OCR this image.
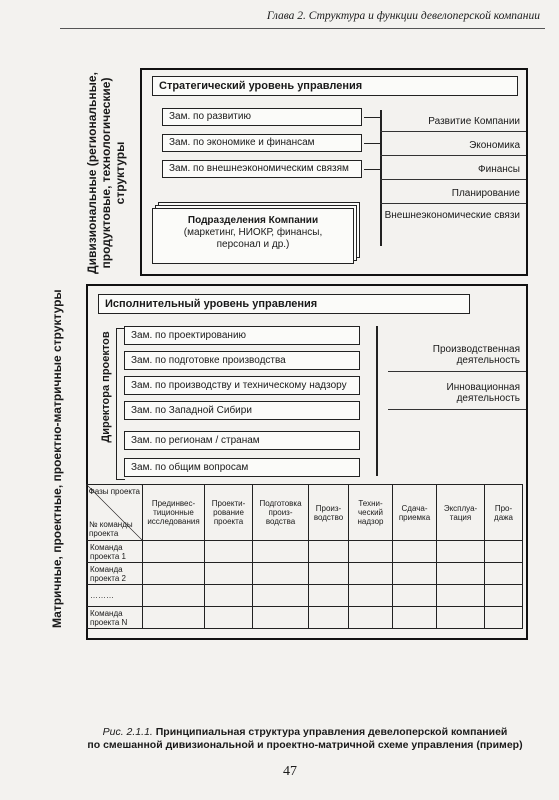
Глава 2. Структура и функции девелоперской компании
Дивизиональные (региональные, продуктовые, технологические) структуры
Стратегический уровень управления
Зам. по развитию
Зам. по экономике и финансам
Зам. по внешнеэкономическим связям
Подразделения Компании
(маркетинг, НИОКР, финансы,
персонал и др.)
Развитие Компании
Экономика
Финансы
Планирование
Внешнеэкономические связи
Матричные, проектные, проектно-матричные структуры	Исполнительный уровень управления
Директора проектов	Зам. по проектированию
Зам. по подготовке производства
Зам. по производству и техническому надзору
Зам. по Западной Сибири
Зам. по регионам / странам
Зам. по общим вопросам
Производственная деятельность
Инновационная деятельность
Фазы проекта
№ команды проекта	Прединвес-тиционные исследования	Проекти-рование проекта	Подготовка произ-водства	Произ-водство	Техни-ческий надзор	Сдача-приемка	Эксплуа-тация	Про-дажа
Команда проекта 1								
Команда проекта 2								
………								
Команда проекта N								
Рис. 2.1.1. Принципиальная структура управления девелоперской компанией
по смешанной дивизиональной и проектно-матричной схеме управления (пример)
47
